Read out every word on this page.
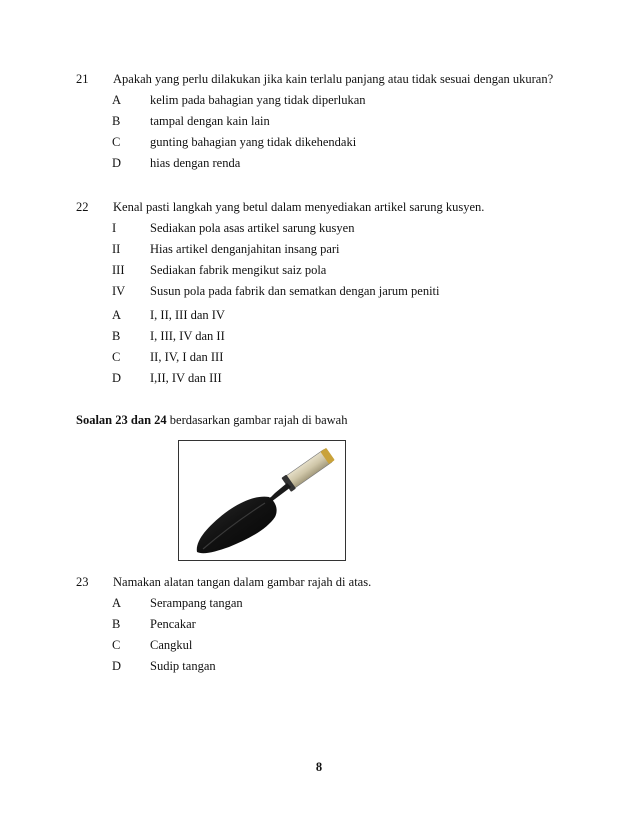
21 Apakah yang perlu dilakukan jika kain terlalu panjang atau tidak sesuai dengan ukuran?
A kelim pada bahagian yang tidak diperlukan
B tampal dengan kain lain
C gunting bahagian yang tidak dikehendaki
D hias dengan renda
22 Kenal pasti langkah yang betul dalam menyediakan artikel sarung kusyen.
I	Sediakan pola asas artikel sarung kusyen
II Hias artikel denganjahitan insang pari
III Sediakan fabrik mengikut saiz pola
IV Susun pola pada fabrik dan sematkan dengan jarum peniti
A I, II, III dan IV
B I, III, IV dan II
C II, IV, I dan III
D I,II, IV dan III
Soalan 23 dan 24 berdasarkan gambar rajah di bawah
23 Namakan alatan tangan dalam gambar rajah di atas.
A Serampang tangan
B Pencakar
C Cangkul
D Sudip tangan
8
